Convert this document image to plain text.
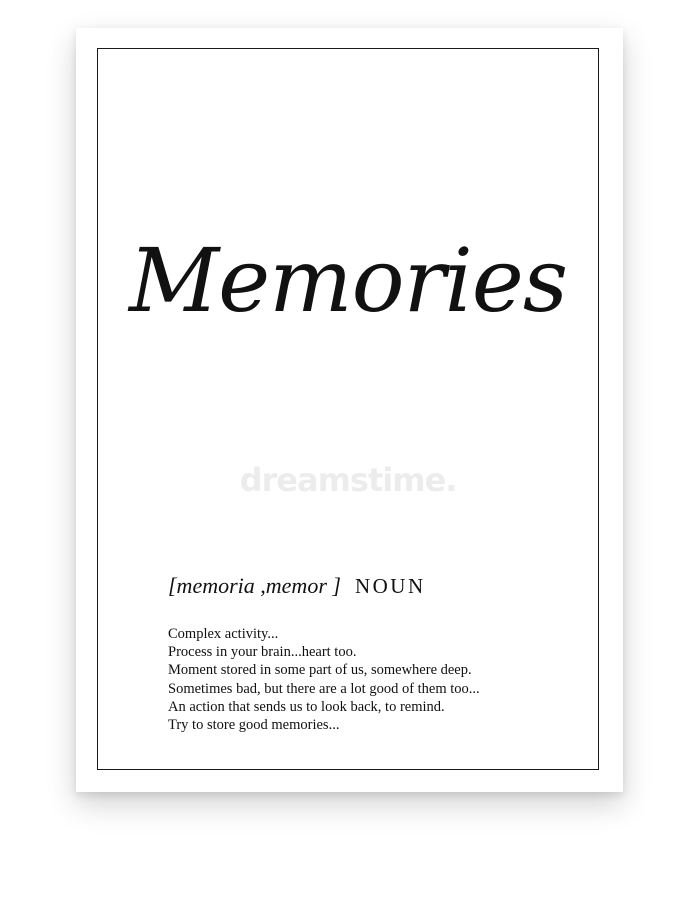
Memories
dreamstime.
[memoria ,memor ] NOUN
Complex activity...
Process in your brain...heart too.
Moment stored in some part of us, somewhere deep.
Sometimes bad, but there are a lot good of them too...
An action that sends us to look back, to remind.
Try to store good memories...
